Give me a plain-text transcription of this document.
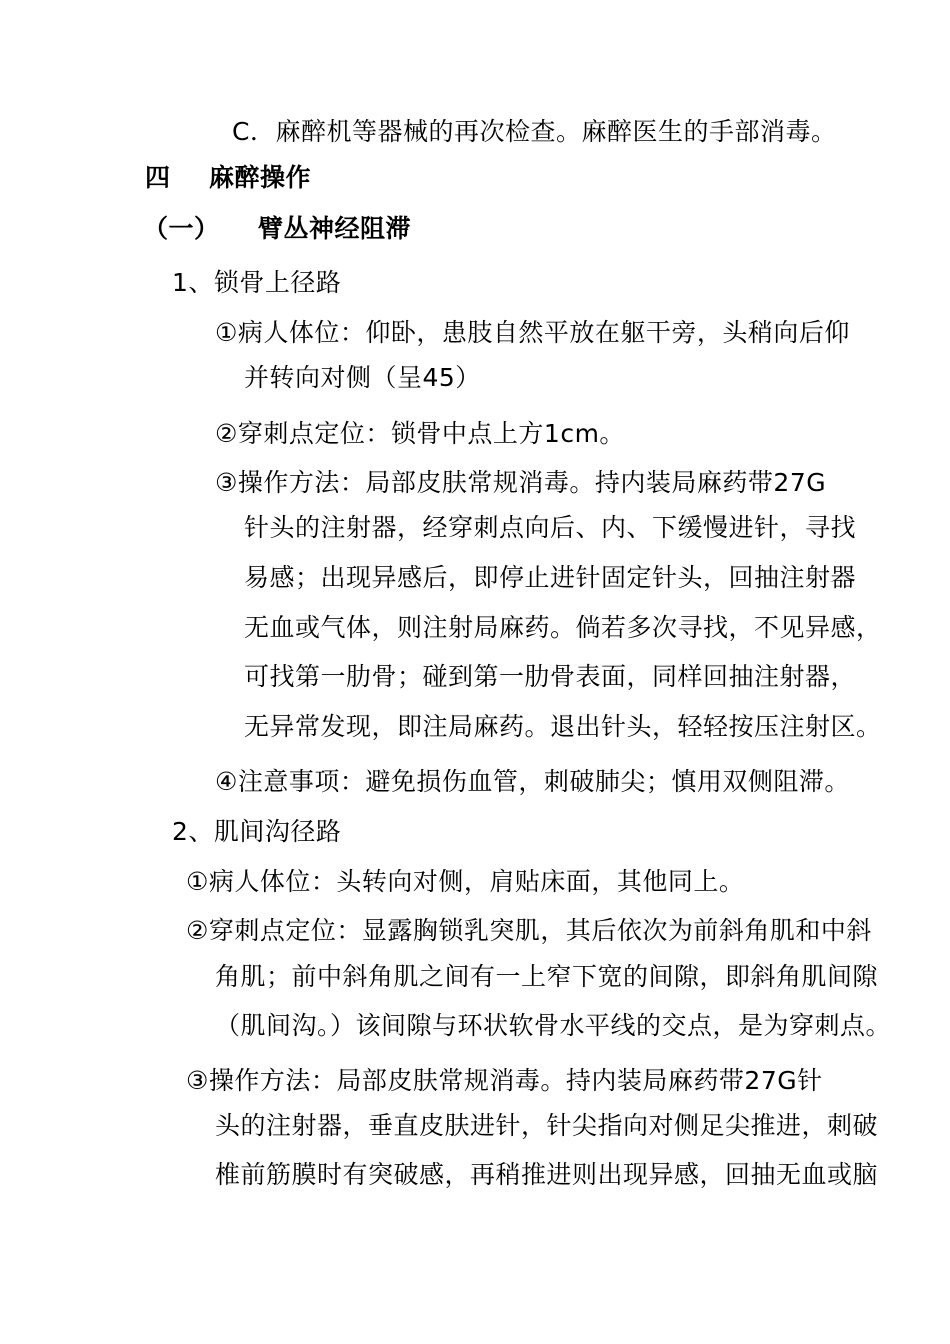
C．麻醉机等器械的再次检查。麻醉医生的手部消毒。
四 麻醉操作
（一） 臂丛神经阻滞
1、锁骨上径路
①病人体位：仰卧，患肢自然平放在躯干旁，头稍向后仰
并转向对侧（呈45）
②穿刺点定位：锁骨中点上方1cm。
③操作方法：局部皮肤常规消毒。持内装局麻药带27G
针头的注射器，经穿刺点向后、内、下缓慢进针，寻找
易感；出现异感后，即停止进针固定针头，回抽注射器
无血或气体，则注射局麻药。倘若多次寻找，不见异感，
可找第一肋骨；碰到第一肋骨表面，同样回抽注射器，
无异常发现，即注局麻药。退出针头，轻轻按压注射区。
④注意事项：避免损伤血管，刺破肺尖；慎用双侧阻滞。
2、肌间沟径路
①病人体位：头转向对侧，肩贴床面，其他同上。
②穿刺点定位：显露胸锁乳突肌，其后依次为前斜角肌和中斜
角肌；前中斜角肌之间有一上窄下宽的间隙，即斜角肌间隙
（肌间沟。）该间隙与环状软骨水平线的交点，是为穿刺点。
③操作方法：局部皮肤常规消毒。持内装局麻药带27G针
头的注射器，垂直皮肤进针，针尖指向对侧足尖推进，刺破
椎前筋膜时有突破感，再稍推进则出现异感，回抽无血或脑
